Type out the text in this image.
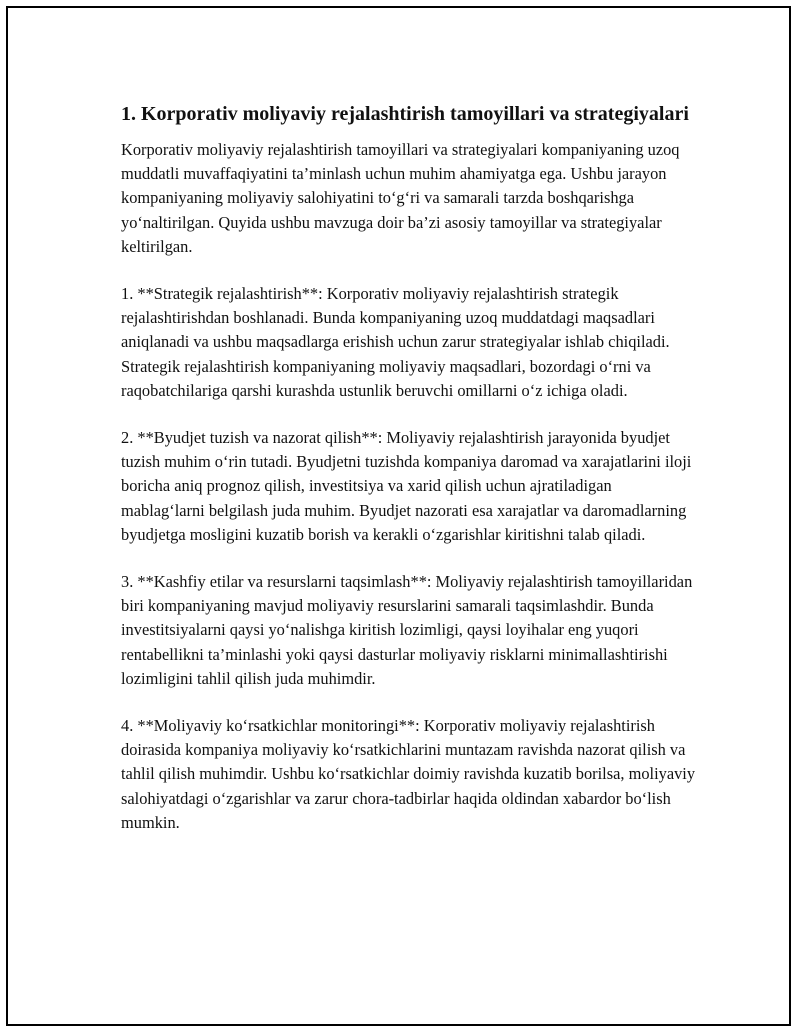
1. Korporativ moliyaviy rejalashtirish tamoyillari va strategiyalari

Korporativ moliyaviy rejalashtirish tamoyillari va strategiyalari kompaniyaning uzoq muddatli muvaffaqiyatini ta’minlash uchun muhim ahamiyatga ega. Ushbu jarayon kompaniyaning moliyaviy salohiyatini to‘g‘ri va samarali tarzda boshqarishga yo‘naltirilgan. Quyida ushbu mavzuga doir ba’zi asosiy tamoyillar va strategiyalar keltirilgan.

1. **Strategik rejalashtirish**: Korporativ moliyaviy rejalashtirish strategik rejalashtirishdan boshlanadi. Bunda kompaniyaning uzoq muddatdagi maqsadlari aniqlanadi va ushbu maqsadlarga erishish uchun zarur strategiyalar ishlab chiqiladi. Strategik rejalashtirish kompaniyaning moliyaviy maqsadlari, bozordagi o‘rni va raqobatchilariga qarshi kurashda ustunlik beruvchi omillarni o‘z ichiga oladi.

2. **Byudjet tuzish va nazorat qilish**: Moliyaviy rejalashtirish jarayonida byudjet tuzish muhim o‘rin tutadi. Byudjetni tuzishda kompaniya daromad va xarajatlarini iloji boricha aniq prognoz qilish, investitsiya va xarid qilish uchun ajratiladigan mablag‘larni belgilash juda muhim. Byudjet nazorati esa xarajatlar va daromadlarning byudjetga mosligini kuzatib borish va kerakli o‘zgarishlar kiritishni talab qiladi.

3. **Kashfiy etilar va resurslarni taqsimlash**: Moliyaviy rejalashtirish tamoyillaridan biri kompaniyaning mavjud moliyaviy resurslarini samarali taqsimlashdir. Bunda investitsiyalarni qaysi yo‘nalishga kiritish lozimligi, qaysi loyihalar eng yuqori rentabellikni ta’minlashi yoki qaysi dasturlar moliyaviy risklarni minimallashtirishi lozimligini tahlil qilish juda muhimdir.

4. **Moliyaviy ko‘rsatkichlar monitoringi**: Korporativ moliyaviy rejalashtirish doirasida kompaniya moliyaviy ko‘rsatkichlarini muntazam ravishda nazorat qilish va tahlil qilish muhimdir. Ushbu ko‘rsatkichlar doimiy ravishda kuzatib borilsa, moliyaviy salohiyatdagi o‘zgarishlar va zarur chora-tadbirlar haqida oldindan xabardor bo‘lish mumkin.
